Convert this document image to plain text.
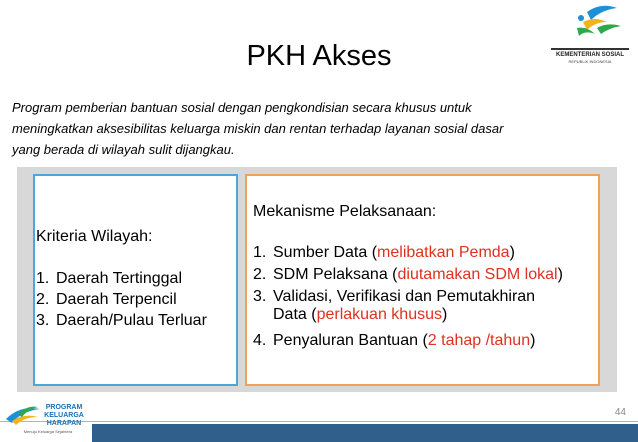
PKH Akses	KEMENTERIAN SOSIAL
REPUBLIK INDONESIA
Program pemberian bantuan sosial dengan pengkondisian secara khusus untuk
meningkatkan aksesibilitas keluarga miskin dan rentan terhadap layanan sosial dasar
yang berada di wilayah sulit dijangkau.
Kriteria Wilayah:
1. Daerah Tertinggal
2. Daerah Terpencil
3. Daerah/Pulau Terluar
Mekanisme Pelaksanaan:
1. Sumber Data (melibatkan Pemda)
2. SDM Pelaksana (diutamakan SDM lokal)
3. Validasi, Verifikasi dan Pemutakhiran
Data (perlakuan khusus)
4. Penyaluran Bantuan (2 tahap /tahun)
44
PROGRAM
KELUARGA
HARAPAN
Menuju Keluarga Sejahtera
